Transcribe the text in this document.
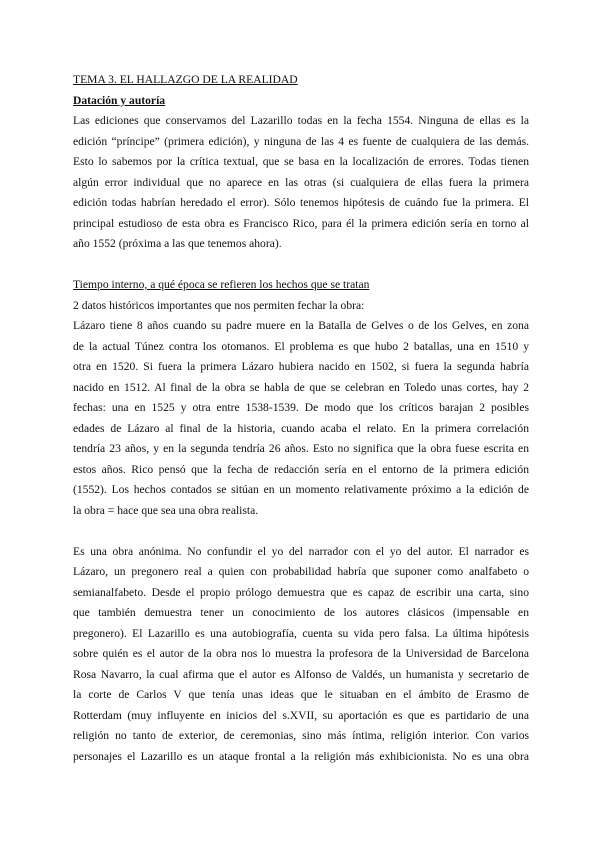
TEMA 3. EL HALLAZGO DE LA REALIDAD
Datación y autoría
Las ediciones que conservamos del Lazarillo todas en la fecha 1554. Ninguna de ellas es la
edición “príncipe” (primera edición), y ninguna de las 4 es fuente de cualquiera de las demás.
Esto lo sabemos por la crítica textual, que se basa en la localización de errores. Todas tienen
algún error individual que no aparece en las otras (si cualquiera de ellas fuera la primera
edición todas habrían heredado el error). Sólo tenemos hipótesis de cuándo fue la primera. El
principal estudioso de esta obra es Francisco Rico, para él la primera edición sería en torno al
año 1552 (próxima a las que tenemos ahora).
Tiempo interno, a qué época se refieren los hechos que se tratan
2 datos históricos importantes que nos permiten fechar la obra:
Lázaro tiene 8 años cuando su padre muere en la Batalla de Gelves o de los Gelves, en zona
de la actual Túnez contra los otomanos. El problema es que hubo 2 batallas, una en 1510 y
otra en 1520. Si fuera la primera Lázaro hubiera nacido en 1502, si fuera la segunda habría
nacido en 1512. Al final de la obra se habla de que se celebran en Toledo unas cortes, hay 2
fechas: una en 1525 y otra entre 1538-1539. De modo que los críticos barajan 2 posibles
edades de Lázaro al final de la historia, cuando acaba el relato. En la primera correlación
tendría 23 años, y en la segunda tendría 26 años. Esto no significa que la obra fuese escrita en
estos años. Rico pensó que la fecha de redacción sería en el entorno de la primera edición
(1552). Los hechos contados se sitúan en un momento relativamente próximo a la edición de
la obra = hace que sea una obra realista.
Es una obra anónima. No confundir el yo del narrador con el yo del autor. El narrador es
Lázaro, un pregonero real a quien con probabilidad habría que suponer como analfabeto o
semianalfabeto. Desde el propio prólogo demuestra que es capaz de escribir una carta, sino
que también demuestra tener un conocimiento de los autores clásicos (impensable en
pregonero). El Lazarillo es una autobiografía, cuenta su vida pero falsa. La última hipótesis
sobre quién es el autor de la obra nos lo muestra la profesora de la Universidad de Barcelona
Rosa Navarro, la cual afirma que el autor es Alfonso de Valdés, un humanista y secretario de
la corte de Carlos V que tenía unas ideas que le situaban en el ámbito de Erasmo de
Rotterdam (muy influyente en inicios del s.XVII, su aportación es que es partidario de una
religión no tanto de exterior, de ceremonias, sino más íntima, religión interior. Con varios
personajes el Lazarillo es un ataque frontal a la religión más exhibicionista. No es una obra
